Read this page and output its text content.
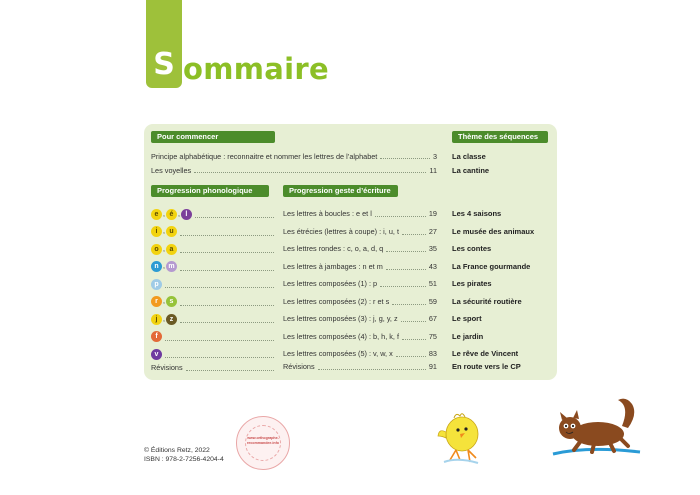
S ommaire
Pour commencer	Thème des séquences
Principe alphabétique : reconnaitre et nommer les lettres de l’alphabet	3 La classe
Les voyelles	11 La cantine
Progression phonologique	Progression geste d’écriture
e , é , l	Les lettres à boucles : e et l	19 Les 4 saisons
i , u	Les étrécies (lettres à coupe) : i, u, t	27 Le musée des animaux
o , a	Les lettres rondes : c, o, a, d, q	35 Les contes
n , m	Les lettres à jambages : n et m	43 La France gourmande
p	Les lettres composées (1) : p	51 Les pirates
r , s	Les lettres composées (2) : r et s	59 La sécurité routière
j , z	Les lettres composées (3) : j, g, y, z	67 Le sport
f	Les lettres composées (4) : b, h, k, f	75 Le jardin
v	Les lettres composées (5) : v, w, x	83 Le rêve de Vincent
Révisions	Révisions	91 En route vers le CP
© Éditions Retz, 2022
ISBN : 978-2-7256-4204-4
www.orthographe-
recommandee.info
